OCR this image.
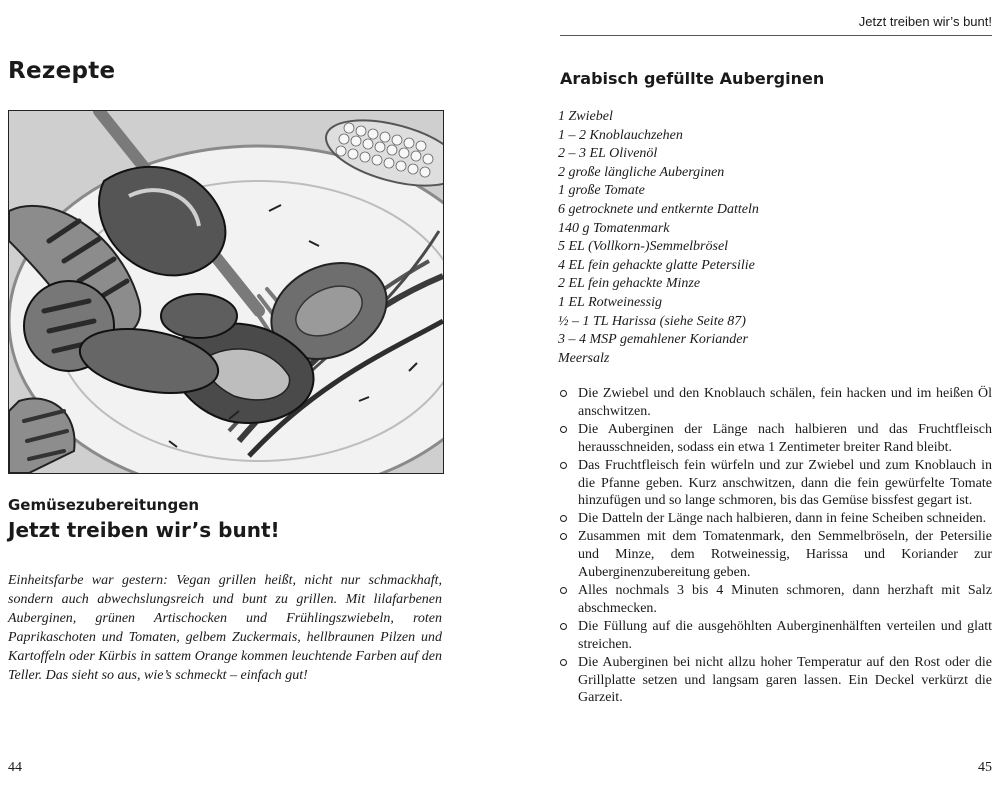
Rezepte
Gemüsezubereitungen
Jetzt treiben wir’s bunt!

Einheitsfarbe war gestern: Vegan grillen heißt, nicht nur schmackhaft, sondern auch abwechslungsreich und bunt zu grillen. Mit lilafarbenen Auberginen, grünen Artischocken und Frühlingszwiebeln, roten Paprikaschoten und Tomaten, gelbem Zuckermais, hellbraunen Pilzen und Kartoffeln oder Kürbis in sattem Orange kommen leuchtende Farben auf den Teller. Das sieht so aus, wie’s schmeckt – einfach gut!

44
Jetzt treiben wir’s bunt!
Arabisch gefüllte Auberginen
1 Zwiebel
1 – 2 Knoblauchzehen
2 – 3 EL Olivenöl
2 große längliche Auberginen
1 große Tomate
6 getrocknete und entkernte Datteln
140 g Tomatenmark
5 EL (Vollkorn-)Semmelbrösel
4 EL fein gehackte glatte Petersilie
2 EL fein gehackte Minze
1 EL Rotweinessig
½ – 1 TL Harissa (siehe Seite 87)
3 – 4 MSP gemahlener Koriander
Meersalz
Die Zwiebel und den Knoblauch schälen, fein hacken und im heißen Öl anschwitzen.
Die Auberginen der Länge nach halbieren und das Fruchtfleisch herausschneiden, sodass ein etwa 1 Zentimeter breiter Rand bleibt.
Das Fruchtfleisch fein würfeln und zur Zwiebel und zum Knoblauch in die Pfanne geben. Kurz anschwitzen, dann die fein gewürfelte Tomate hinzufügen und so lange schmoren, bis das Gemüse bissfest gegart ist.
Die Datteln der Länge nach halbieren, dann in feine Scheiben schneiden.
Zusammen mit dem Tomatenmark, den Semmelbröseln, der Petersilie und Minze, dem Rotweinessig, Harissa und Koriander zur Auberginenzubereitung geben.
Alles nochmals 3 bis 4 Minuten schmoren, dann herzhaft mit Salz abschmecken.
Die Füllung auf die ausgehöhlten Auberginenhälften verteilen und glatt streichen.
Die Auberginen bei nicht allzu hoher Temperatur auf den Rost oder die Grillplatte setzen und langsam garen lassen. Ein Deckel verkürzt die Garzeit.
45
